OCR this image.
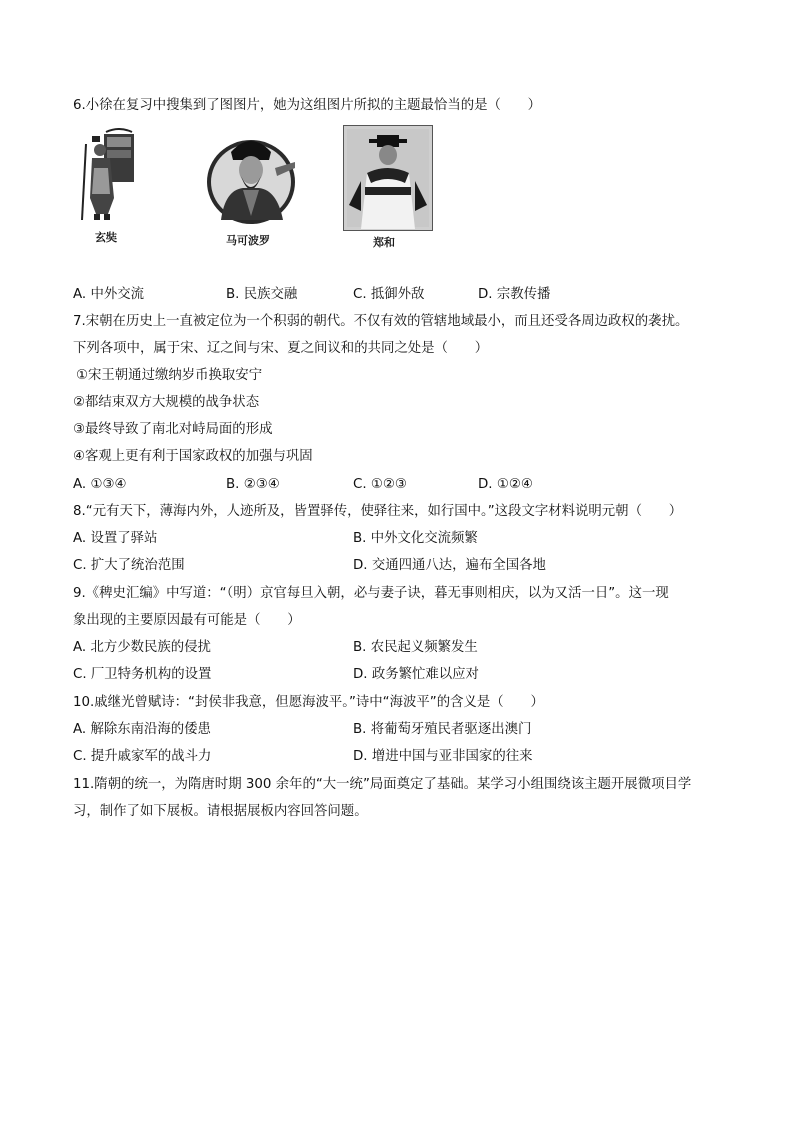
6.小徐在复习中搜集到了图图片，她为这组图片所拟的主题最恰当的是（　　）
玄奘	马可波罗	郑和
A. 中外交流	B. 民族交融	C. 抵御外敌	D. 宗教传播
7.宋朝在历史上一直被定位为一个积弱的朝代。不仅有效的管辖地域最小，而且还受各周边政权的袭扰。
下列各项中，属于宋、辽之间与宋、夏之间议和的共同之处是（　　）
①宋王朝通过缴纳岁币换取安宁
②都结束双方大规模的战争状态
③最终导致了南北对峙局面的形成
④客观上更有利于国家政权的加强与巩固
A. ①③④	B. ②③④	C. ①②③	D. ①②④
8.“元有天下，薄海内外，人迹所及，皆置驿传，使驿往来，如行国中。”这段文字材料说明元朝（　　）
A. 设置了驿站	B. 中外文化交流频繁
C. 扩大了统治范围	D. 交通四通八达，遍布全国各地
9.《稗史汇编》中写道：“（明）京官每旦入朝，必与妻子诀，暮无事则相庆，以为又活一日”。这一现
象出现的主要原因最有可能是（　　）
A. 北方少数民族的侵扰	B. 农民起义频繁发生
C. 厂卫特务机构的设置	D. 政务繁忙难以应对
10.戚继光曾赋诗：“封侯非我意，但愿海波平。”诗中“海波平”的含义是（　　）
A. 解除东南沿海的倭患	B. 将葡萄牙殖民者驱逐出澳门
C. 提升戚家军的战斗力	D. 增进中国与亚非国家的往来
11.隋朝的统一，为隋唐时期 300 余年的“大一统”局面奠定了基础。某学习小组围绕该主题开展微项目学
习，制作了如下展板。请根据展板内容回答问题。
